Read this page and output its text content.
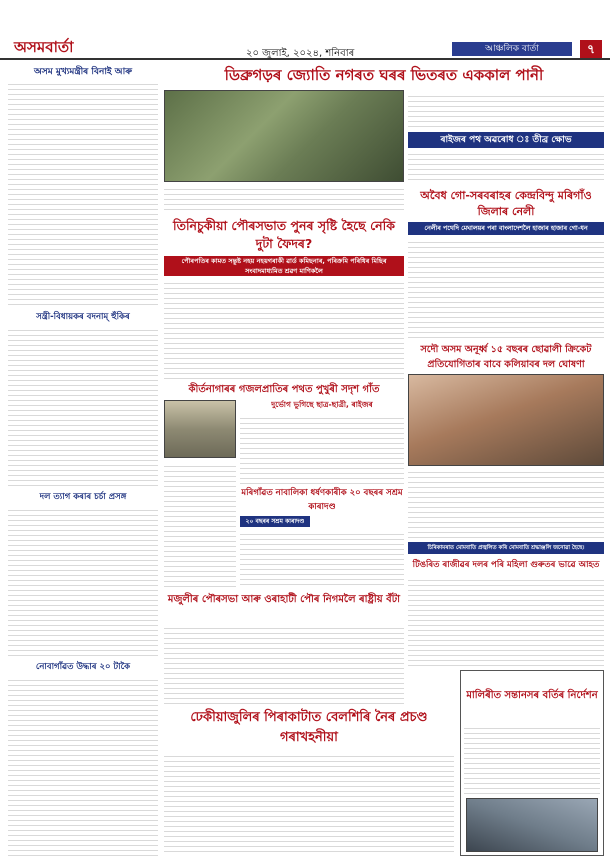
অসমবাৰ্তা	২০ জুলাই, ২০২৪, শনিবাৰ	আঞ্চলিক বাৰ্তা	৭
অসম মুখ্যমন্ত্ৰীৰ বিনাই আৰু	ডিব্ৰুগড়ৰ জ্যোতি নগৰত ঘৰৰ ভিতৰত এককাল পানী
ৰাইজৰ পথ অৱৰোধ ঃ তীব্ৰ ক্ষোভ
তিনিচুকীয়া পৌৰসভাত পুনৰ সৃষ্টি হৈছে নেকি দুটা ফৈদৰ?
পৌৰপতিৰ কামত সন্তুষ্ট নহয় নহয়গৰাকী ৱাৰ্ড কমিছনাৰ, পৰিক্ৰমি পৰিধিৰ মিছিৰ সংবাদমাধ্যমিত শ্ৰৱণ মাণিকলৈ
অবৈধ গো-সৰবৰাহৰ কেন্দ্ৰবিন্দু মৰিগাঁও জিলাৰ নেলী
নেলীৰ পথেদি মেঘালয়ৰ পৰা বাংলাদেশলৈ হাজাৰ হাজাৰ গো-ধন
সন্ত্ৰী-বিধায়কৰ বদনাম্ হুঁকিৰ
সদৌ অসম অনূৰ্ধ্ব ১৫ বছৰৰ ছোৱালী ক্ৰিকেট প্ৰতিযোগিতাৰ বাবে কলিয়াবৰ দল ঘোষণা
কীৰ্তনাগাৰৰ গজলপ্ৰাতিৰ পথত পুখুৰী সদৃশ গাঁত
দুৰ্ভোগ ভুগিছে ছাত্ৰ-ছাত্ৰী, ৰাইজৰ
মৰিগাঁৱত নাবালিকা ধৰ্ষণকাৰীক ২০ বছৰৰ সশ্ৰম কাৰাদণ্ড
২০ বছৰৰ সশ্ৰম কাৰাদণ্ড
দল ত্যাগ কৰাৰ চৰ্চা প্ৰসঙ্গ
মজুলীৰ পৌৰসভা আৰু ওৰাহাটী পৌৰ নিগমলৈ ৰাষ্ট্ৰীয় বঁটা
চিৰিকামৰাত মোমবাতি প্ৰজ্বলিত কৰি মোমবাতি শ্ৰদ্ধাঞ্জলি জনোৱা হৈছে।
টিঙৰিত ৰাজীৱৰ দলৰ পৰি মহিলা গুৰুতৰ ভাৱে আহত
নোবাগাঁৱত উদ্ধাৰ ২০ টাকৈ
ঢেকীয়াজুলিৰ পিৰাকাটাত বেলশিৰি নৈৰ প্ৰচণ্ড গৰাখহনীয়া
মালিৰীত সন্তানসৰ বৰ্তিৰ নিৰ্দেশন
